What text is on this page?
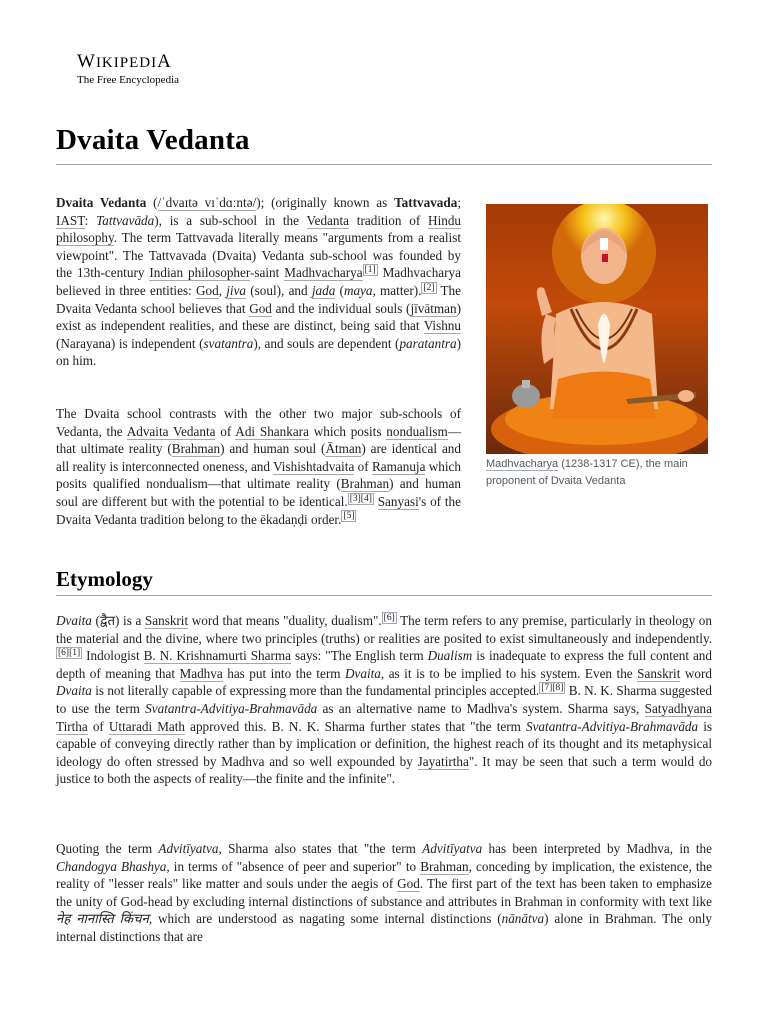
WIKIPEDIA
The Free Encyclopedia
Dvaita Vedanta

Dvaita Vedanta (/ˈdvaɪtə vɪˈdɑːntə/); (originally known as Tattvavada; IAST: Tattvavāda), is a sub-school in the Vedanta tradition of Hindu philosophy. The term Tattvavada literally means "arguments from a realist viewpoint". The Tattvavada (Dvaita) Vedanta sub-school was founded by the 13th-century Indian philosopher-saint Madhvacharya [1] Madhvacharya believed in three entities: God, jiva (soul), and jada (maya, matter). [2] The Dvaita Vedanta school believes that God and the individual souls (jīvātman) exist as independent realities, and these are distinct, being said that Vishnu (Narayana) is independent (svatantra), and souls are dependent (paratantra) on him.

The Dvaita school contrasts with the other two major sub-schools of Vedanta, the Advaita Vedanta of Adi Shankara which posits nondualism—that ultimate reality (Brahman) and human soul (Ātman) are identical and all reality is interconnected oneness, and Vishishtadvaita of Ramanuja which posits qualified nondualism—that ultimate reality (Brahman) and human soul are different but with the potential to be identical. [3][4] Sanyasi's of the Dvaita Vedanta tradition belong to the ēkadaṇḍi order. [5]

Madhvacharya (1238-1317 CE), the main proponent of Dvaita Vedanta
Etymology

Dvaita (द्वैत) is a Sanskrit word that means "duality, dualism". [6] The term refers to any premise, particularly in theology on the material and the divine, where two principles (truths) or realities are posited to exist simultaneously and independently.[6][1] Indologist B. N. Krishnamurti Sharma says: "The English term Dualism is inadequate to express the full content and depth of meaning that Madhva has put into the term Dvaita, as it is to be implied to his system. Even the Sanskrit word Dvaita is not literally capable of expressing more than the fundamental principles accepted. [7][8] B. N. K. Sharma suggested to use the term Svatantra-Advitiya-Brahmavāda as an alternative name to Madhva's system. Sharma says, Satyadhyana Tirtha of Uttaradi Math approved this. B. N. K. Sharma further states that "the term Svatantra-Advitiya-Brahmavāda is capable of conveying directly rather than by implication or definition, the highest reach of its thought and its metaphysical ideology do often stressed by Madhva and so well expounded by Jayatirtha". It may be seen that such a term would do justice to both the aspects of reality—the finite and the infinite".

Quoting the term Advitīyatva, Sharma also states that "the term Advitīyatva has been interpreted by Madhva, in the Chandogya Bhashya, in terms of "absence of peer and superior" to Brahman, conceding by implication, the existence, the reality of "lesser reals" like matter and souls under the aegis of God. The first part of the text has been taken to emphasize the unity of God-head by excluding internal distinctions of substance and attributes in Brahman in conformity with text like नेह नानास्ति किंचन, which are understood as nagating some internal distinctions (nānātva) alone in Brahman. The only internal distinctions that are
